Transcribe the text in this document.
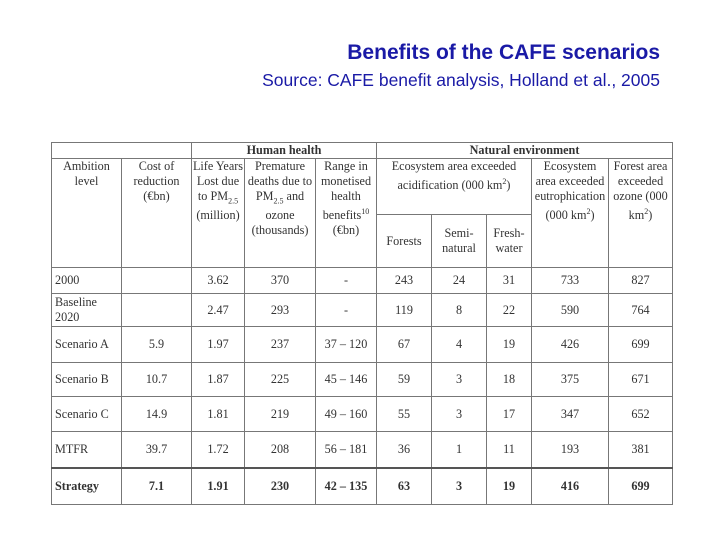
Benefits of the CAFE scenarios
Source: CAFE benefit analysis, Holland et al., 2005
		Human health			Natural environment				
Ambition level	Cost of reduction (€bn)	Life Years Lost due to $PM_{2.5}$ (million)	Premature deaths due to $PM_{2.5}$ and ozone (thousands)	Range in monetised health benefits$^{10}$ (€bn)	Ecosystem area exceeded acidification (000 $km^2$)			Ecosystem area exceeded eutrophication (000 $km^2$)	Forest area exceeded ozone (000 $km^2$)
					Forests	Semi-natural	Fresh-water		
2000		3.62	370	-	243	24	31	733	827
Baseline 2020		2.47	293	-	119	8	22	590	764
Scenario A	5.9	1.97	237	37 – 120	67	4	19	426	699
Scenario B	10.7	1.87	225	45 – 146	59	3	18	375	671
Scenario C	14.9	1.81	219	49 – 160	55	3	17	347	652
MTFR	39.7	1.72	208	56 – 181	36	1	11	193	381
Strategy	7.1	1.91	230	42 – 135	63	3	19	416	699
